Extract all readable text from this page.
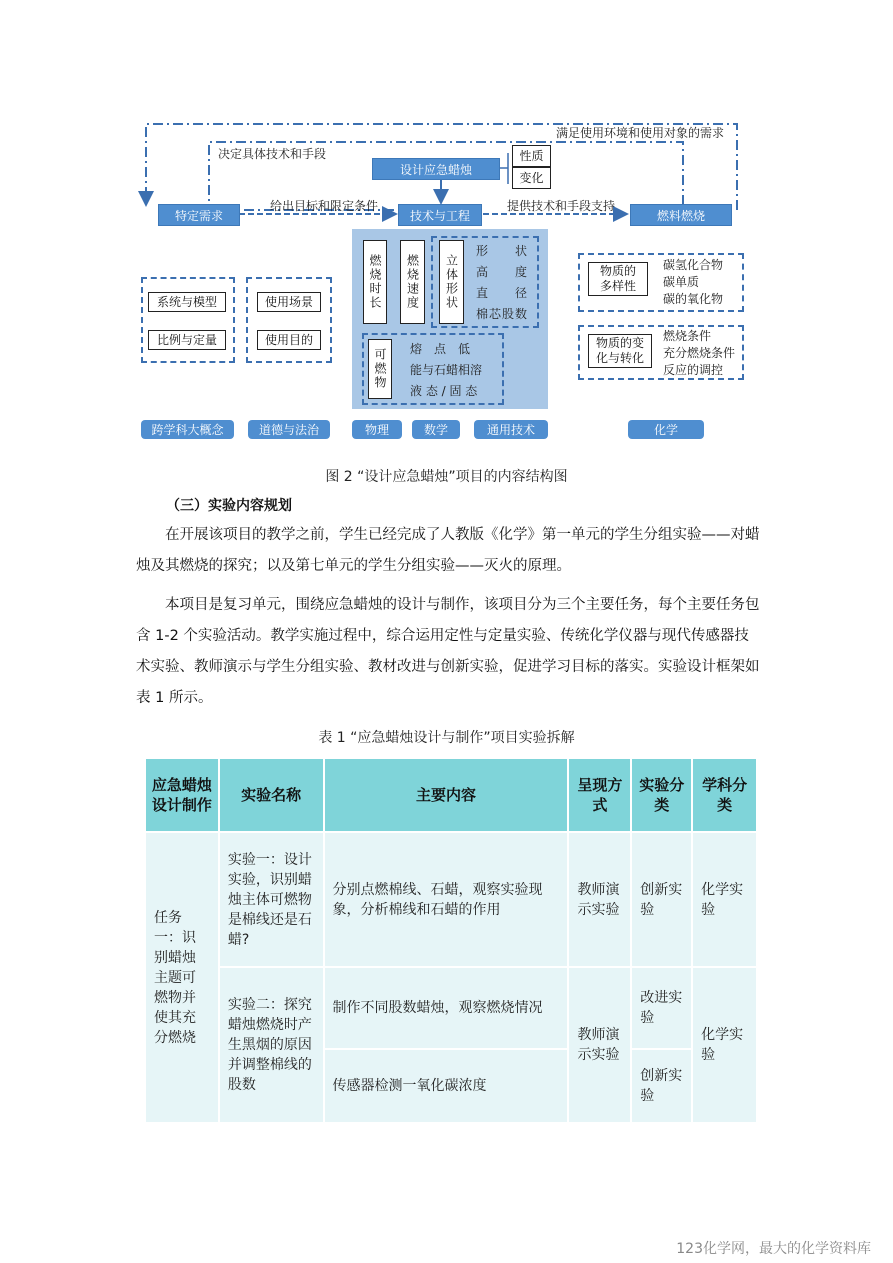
满足使用环境和使用对象的需求
决定具体技术和手段
给出目标和限定条件	提供技术和手段支持
设计应急蜡烛
性质
变化
特定需求	技术与工程	燃料燃烧
燃烧时长	燃烧速度	立体形状
形　　状
高　　度
直　　径
棉芯股数
可燃物	熔　点　低
能与石蜡相溶
液 态 / 固 态
系统与模型
比例与定量
使用场景
使用目的
物质的多样性
碳氢化合物
碳单质
碳的氧化物
物质的变化与转化
燃烧条件
充分燃烧条件
反应的调控
跨学科大概念	道德与法治	物理	数学	通用技术	化学
图 2 “设计应急蜡烛”项目的内容结构图
（三）实验内容规划

在开展该项目的教学之前，学生已经完成了人教版《化学》第一单元的学生分组实验——对蜡烛及其燃烧的探究；以及第七单元的学生分组实验——灭火的原理。

本项目是复习单元，围绕应急蜡烛的设计与制作，该项目分为三个主要任务，每个主要任务包含 1-2 个实验活动。教学实施过程中，综合运用定性与定量实验、传统化学仪器与现代传感器技术实验、教师演示与学生分组实验、教材改进与创新实验，促进学习目标的落实。实验设计框架如表 1 所示。

表 1 “应急蜡烛设计与制作”项目实验拆解
应急蜡烛设计制作	实验名称	主要内容	呈现方式	实验分类	学科分类
任务一：识别蜡烛主题可燃物并使其充分燃烧	实验一：设计实验，识别蜡烛主体可燃物是棉线还是石蜡?	分别点燃棉线、石蜡，观察实验现象，分析棉线和石蜡的作用	教师演示实验	创新实验	化学实验
	实验二：探究蜡烛燃烧时产生黑烟的原因并调整棉线的股数	制作不同股数蜡烛，观察燃烧情况	教师演示实验	改进实验	化学实验
		传感器检测一氧化碳浓度		创新实验	
123化学网，最大的化学资料库
